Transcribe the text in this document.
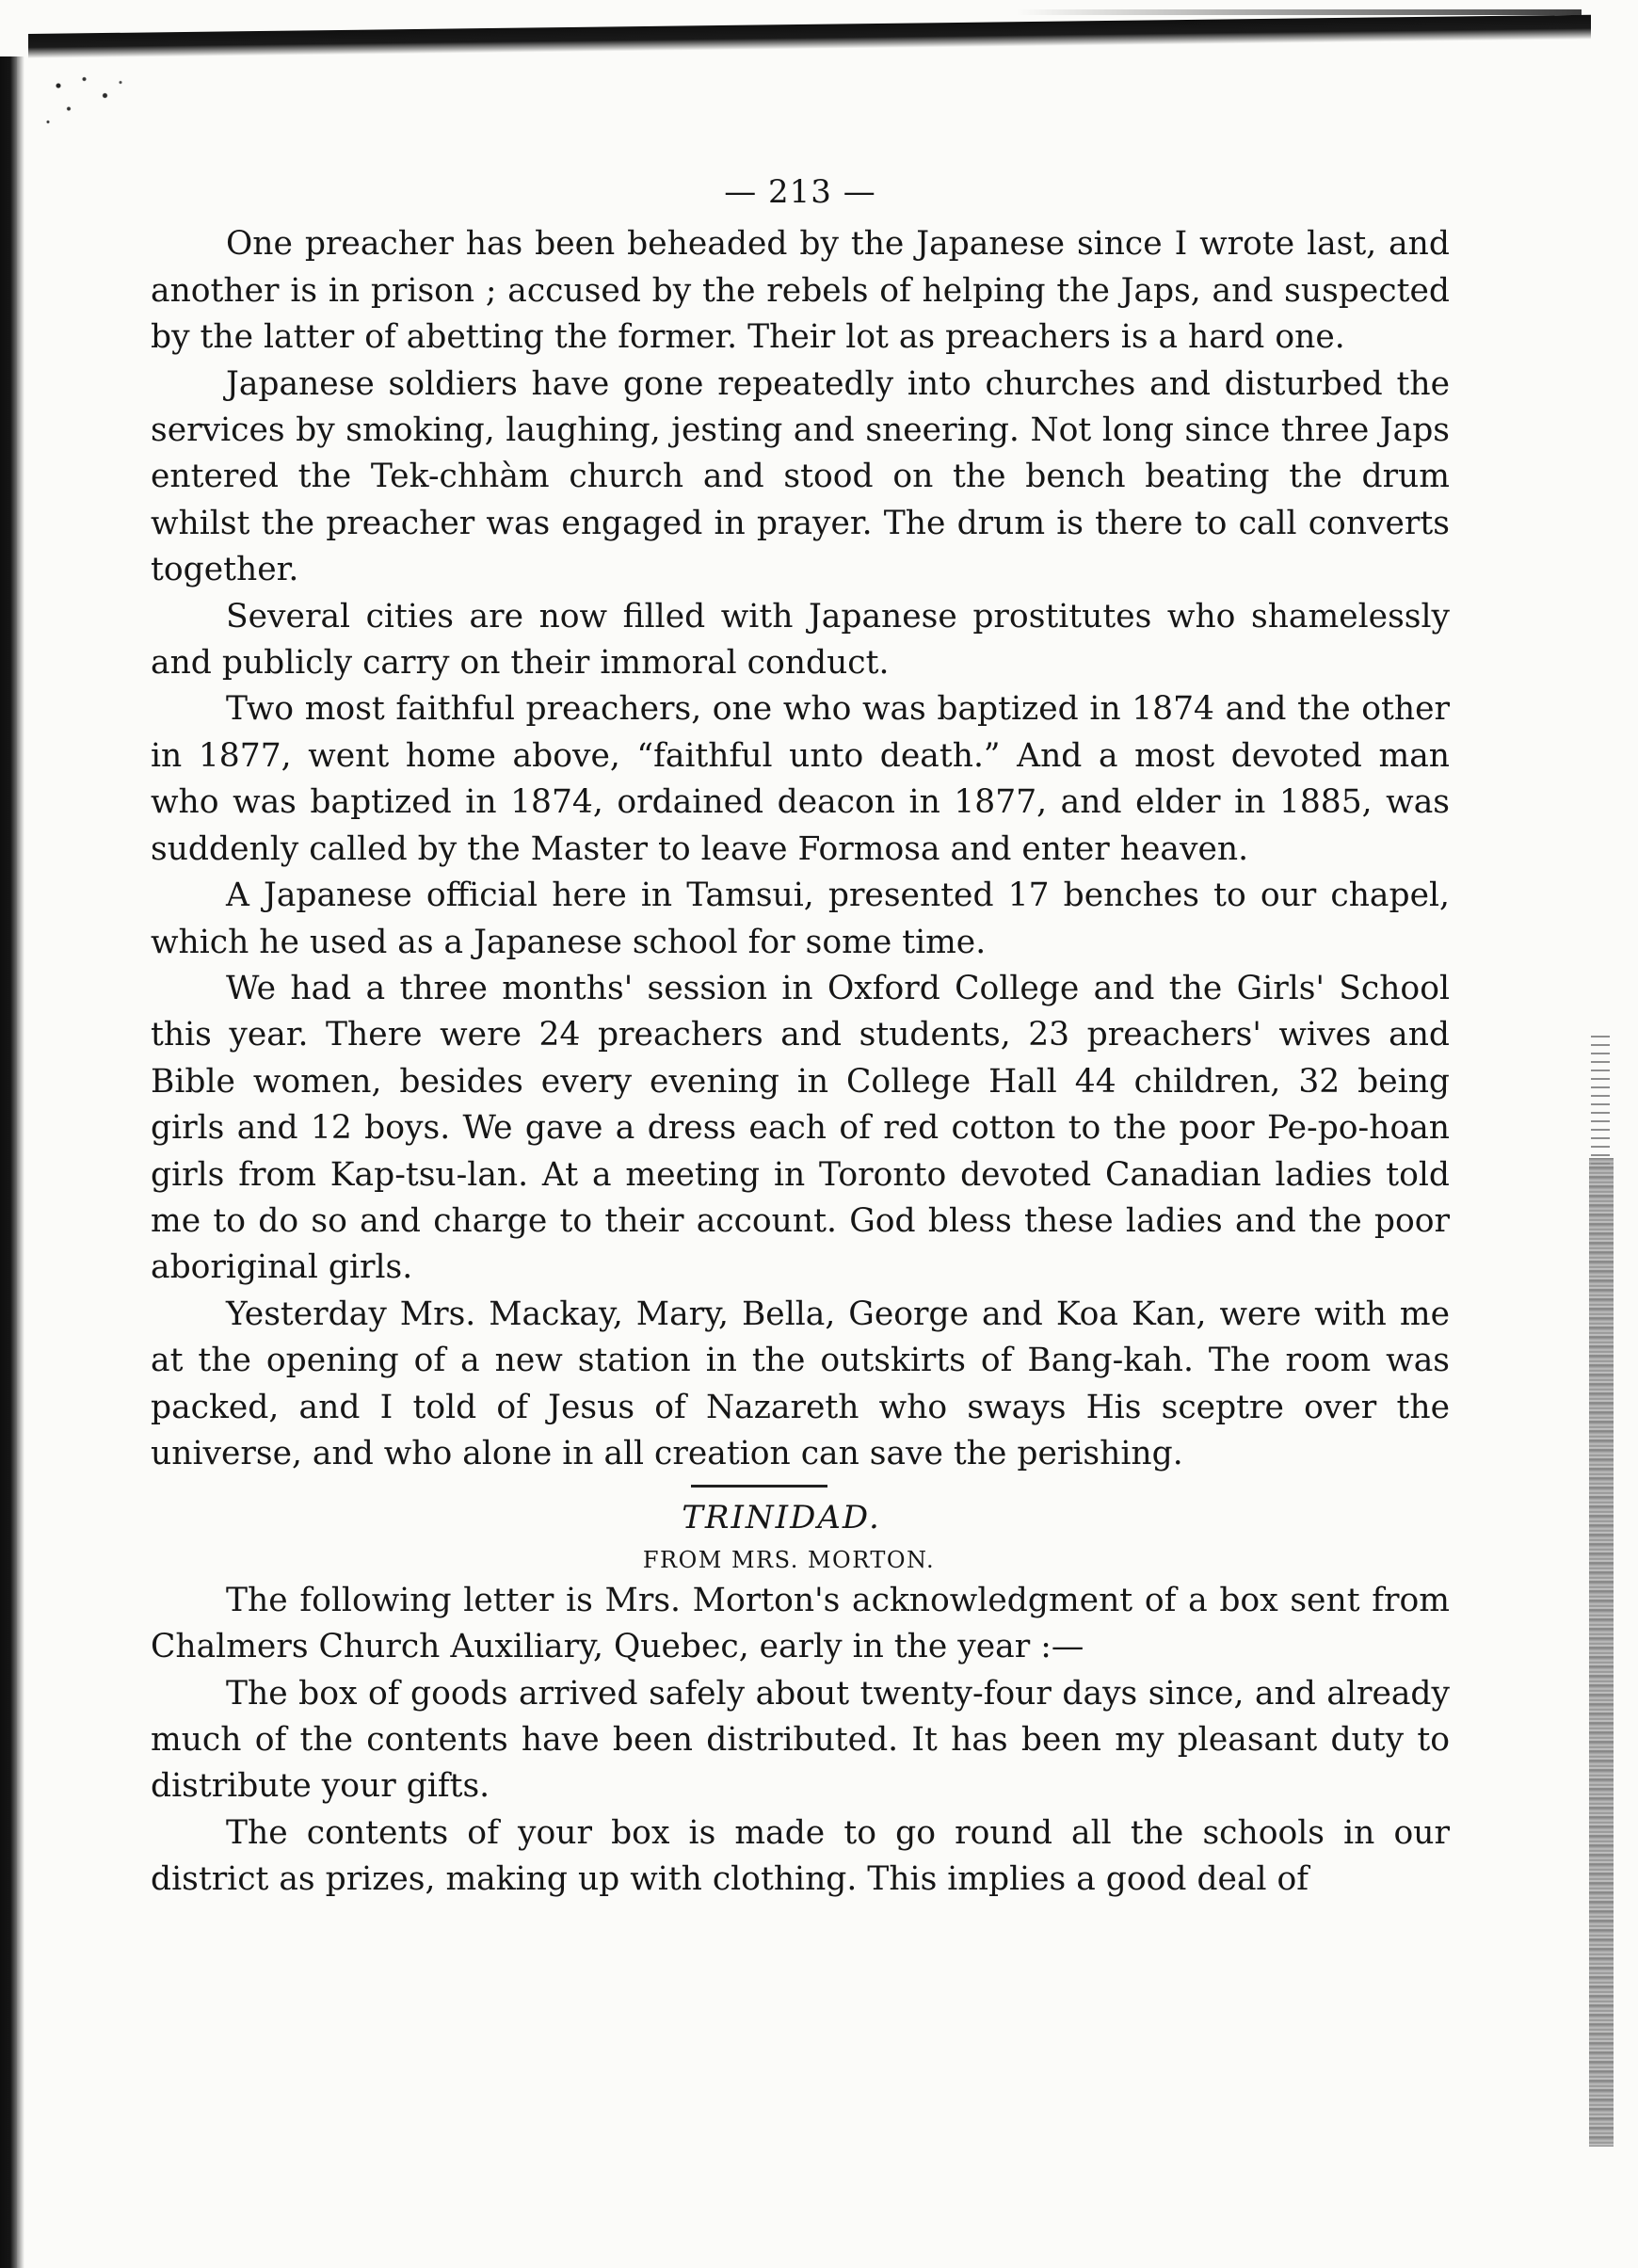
— 213 —

One preacher has been beheaded by the Japanese since I wrote last, and another is in prison ; accused by the rebels of helping the Japs, and suspected by the latter of abetting the former. Their lot as preachers is a hard one.

Japanese soldiers have gone repeatedly into churches and disturbed the services by smoking, laughing, jesting and sneering. Not long since three Japs entered the Tek-chhàm church and stood on the bench beating the drum whilst the preacher was engaged in prayer. The drum is there to call converts together.

Several cities are now filled with Japanese prostitutes who shamelessly and publicly carry on their immoral conduct.

Two most faithful preachers, one who was baptized in 1874 and the other in 1877, went home above, “faithful unto death.” And a most devoted man who was baptized in 1874, ordained deacon in 1877, and elder in 1885, was suddenly called by the Master to leave Formosa and enter heaven.

A Japanese official here in Tamsui, presented 17 benches to our chapel, which he used as a Japanese school for some time.

We had a three months' session in Oxford College and the Girls' School this year. There were 24 preachers and students, 23 preachers' wives and Bible women, besides every evening in College Hall 44 children, 32 being girls and 12 boys. We gave a dress each of red cotton to the poor Pe-po-hoan girls from Kap-tsu-lan. At a meeting in Toronto devoted Canadian ladies told me to do so and charge to their account. God bless these ladies and the poor aboriginal girls.

Yesterday Mrs. Mackay, Mary, Bella, George and Koa Kan, were with me at the opening of a new station in the outskirts of Bang-kah. The room was packed, and I told of Jesus of Nazareth who sways His sceptre over the universe, and who alone in all creation can save the perishing.

TRINIDAD.

FROM MRS. MORTON.

The following letter is Mrs. Morton's acknowledgment of a box sent from Chalmers Church Auxiliary, Quebec, early in the year :—

The box of goods arrived safely about twenty-four days since, and already much of the contents have been distributed. It has been my pleasant duty to distribute your gifts.

The contents of your box is made to go round all the schools in our district as prizes, making up with clothing. This implies a good deal of
